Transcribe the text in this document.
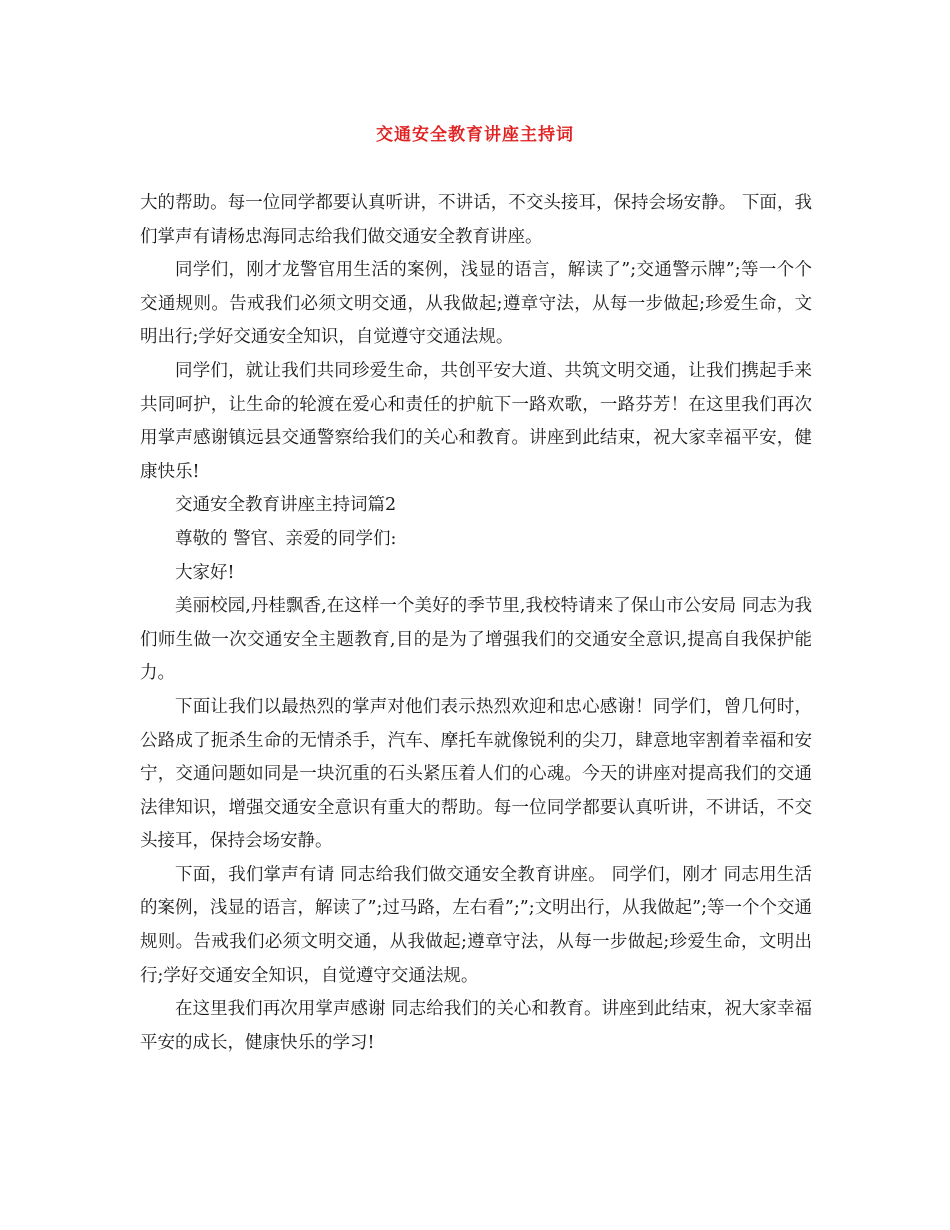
交通安全教育讲座主持词

大的帮助。每一位同学都要认真听讲，不讲话，不交头接耳，保持会场安静。 下面，我们掌声有请杨忠海同志给我们做交通安全教育讲座。

同学们，刚才龙警官用生活的案例，浅显的语言，解读了”;交通警示牌”;等一个个交通规则。告戒我们必须文明交通，从我做起;遵章守法，从每一步做起;珍爱生命，文明出行;学好交通安全知识，自觉遵守交通法规。

同学们，就让我们共同珍爱生命，共创平安大道、共筑文明交通，让我们携起手来共同呵护，让生命的轮渡在爱心和责任的护航下一路欢歌，一路芬芳！在这里我们再次用掌声感谢镇远县交通警察给我们的关心和教育。讲座到此结束，祝大家幸福平安，健康快乐!

交通安全教育讲座主持词篇2

尊敬的 警官、亲爱的同学们:

大家好!

美丽校园,丹桂飘香,在这样一个美好的季节里,我校特请来了保山市公安局 同志为我们师生做一次交通安全主题教育,目的是为了增强我们的交通安全意识,提高自我保护能力。

下面让我们以最热烈的掌声对他们表示热烈欢迎和忠心感谢！同学们，曾几何时，公路成了扼杀生命的无情杀手，汽车、摩托车就像锐利的尖刀，肆意地宰割着幸福和安宁，交通问题如同是一块沉重的石头紧压着人们的心魂。今天的讲座对提高我们的交通法律知识，增强交通安全意识有重大的帮助。每一位同学都要认真听讲，不讲话，不交头接耳，保持会场安静。

下面，我们掌声有请 同志给我们做交通安全教育讲座。 同学们，刚才 同志用生活的案例，浅显的语言，解读了”;过马路，左右看”;”;文明出行，从我做起”;等一个个交通规则。告戒我们必须文明交通，从我做起;遵章守法，从每一步做起;珍爱生命，文明出行;学好交通安全知识，自觉遵守交通法规。

在这里我们再次用掌声感谢 同志给我们的关心和教育。讲座到此结束，祝大家幸福平安的成长，健康快乐的学习!
